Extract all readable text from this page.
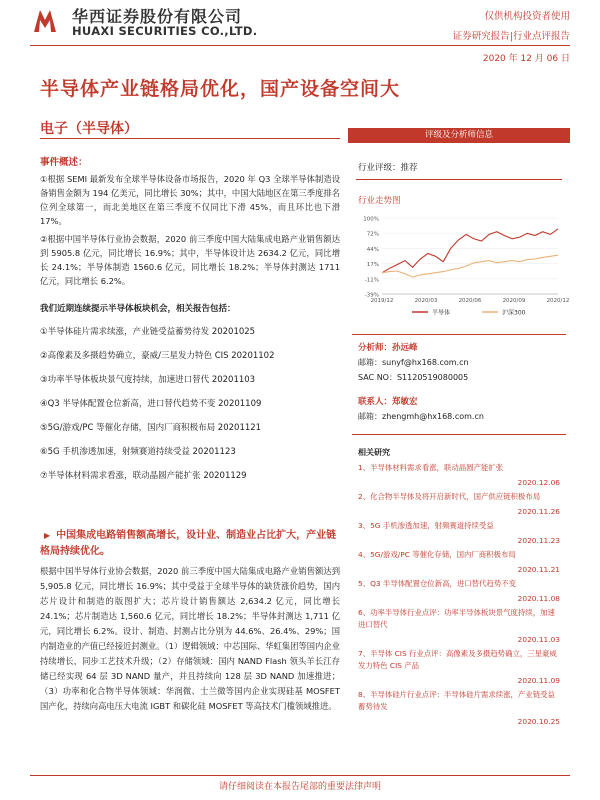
华西证券股份有限公司
HUAXI SECURITIES CO.,LTD.
仅供机构投资者使用
证券研究报告|行业点评报告
2020 年 12 月 06 日
半导体产业链格局优化，国产设备空间大
电子（半导体）
事件概述：
①根据 SEMI 最新发布全球半导体设备市场报告，2020 年 Q3 全球半导体制造设备销售金额为 194 亿美元，同比增长 30%；其中，中国大陆地区在第三季度排名位列全球第一，而北美地区在第三季度不仅同比下滑 45%，而且环比也下滑 17%。
②根据中国半导体行业协会数据，2020 前三季度中国大陆集成电路产业销售额达到 5905.8 亿元，同比增长 16.9%；其中，半导体设计达 2634.2 亿元，同比增长 24.1%；半导体制造 1560.6 亿元，同比增长 18.2%；半导体封测达 1711 亿元，同比增长 6.2%。
我们近期连续提示半导体板块机会，相关报告包括：
①半导体硅片需求续涨，产业链受益蓄势待发 20201025
②高像素及多摄趋势确立，豪威/三星发力特色 CIS 20201102
③功率半导体板块景气度持续，加速进口替代 20201103
④Q3 半导体配置仓位新高，进口替代趋势不变 20201109
⑤5G/游戏/PC 等催化存储，国内厂商积极布局 20201121
⑥5G 手机渗透加速，射频赛道持续受益 20201123
⑦半导体材料需求看涨，联动晶圆产能扩张 20201129
▶ 中国集成电路销售额高增长，设计业、制造业占比扩大，产业链格局持续优化。
根据中国半导体行业协会数据，2020 前三季度中国大陆集成电路产业销售额达到 5,905.8 亿元，同比增长 16.9%；其中受益于全球半导体的缺货涨价趋势，国内芯片设计和制造的版图扩大；芯片设计销售额达 2,634.2 亿元，同比增长 24.1%；芯片制造达 1,560.6 亿元，同比增长 18.2%；半导体封测达 1,711 亿元，同比增长 6.2%。设计、制造、封测占比分别为 44.6%、26.4%、29%；国内制造业的产值已经接近封测业。（1）逻辑领域：中芯国际、华虹集团等国内企业持续增长，同步工艺技术升级；（2）存储领域：国内 NAND Flash 领头羊长江存储已经实现 64 层 3D NAND 量产，并且持续向 128 层 3D NAND 加速推进；（3）功率和化合物半导体领域：华润微、士兰微等国内企业实现硅基 MOSFET 国产化，持续向高电压大电流 IGBT 和碳化硅 MOSFET 等高技术门槛领域推进。
评级及分析师信息
行业评级：推荐
行业走势图
100%
72%
44%
17%
-11%
-39%
2019/12	2020/03	2020/06	2020/09	2020/12
半导体	沪深300
分析师：孙远峰
邮箱：sunyf@hx168.com.cn
SAC NO：S1120519080005
联系人：郑敏宏
邮箱：zhengmh@hx168.com.cn
相关研究
1、半导体材料需求看涨，联动晶圆产能扩张
2020.12.06
2、化合物半导体及将开启新时代，国产供应链积极布局
2020.11.26
3、5G 手机渗透加速，射频赛道持续受益
2020.11.23
4、5G/游戏/PC 等催化存储，国内厂商积极布局
2020.11.21
5、Q3 半导体配置仓位新高，进口替代趋势不变
2020.11.08
6、功率半导体行业点评：功率半导体板块景气度持续，加速进口替代
2020.11.03
7、半导体 CIS 行业点评：高像素及多摄趋势确立，三星豪威发力特色 CIS 产品
2020.11.09
8、半导体硅片行业点评：半导体硅片需求续涨，产业链受益蓄势待发
2020.10.25
请仔细阅读在本报告尾部的重要法律声明
